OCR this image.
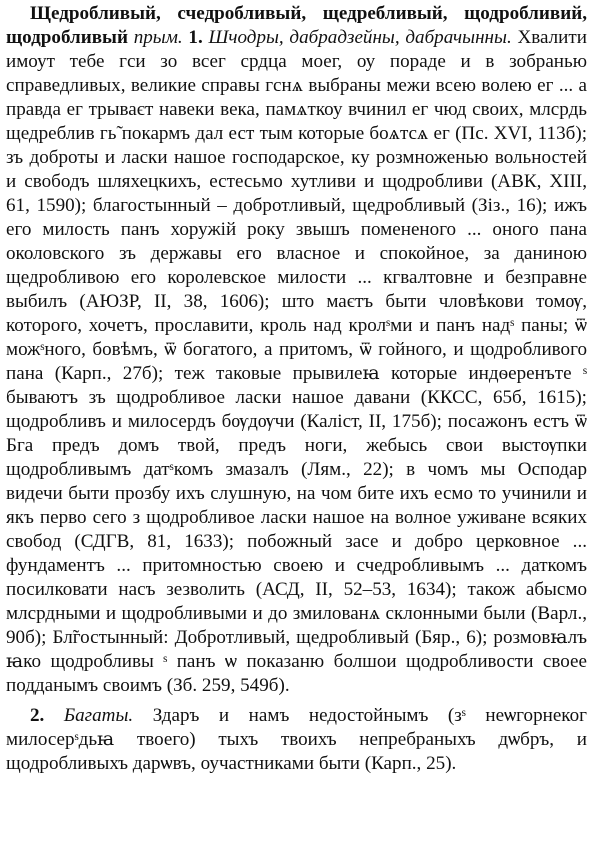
Щедробливый, счедробливый, щедребливый, щодробливий, щодробливый прым. 1. Шчодры, дабрадзейны, дабрачынны. Хвалити имоут тебе гси зо всег срдца моег, оу пораде и в зобранью справедливых, великие справы гснѧ выбраны межи всею волею ег ... а правда ег трываєт навеки века, памѧткоу вчинил ег чюд своих, млсрдь щедреблив гь̃ покармъ дал ест тым которые боѧтсѧ ег (Пс. XVI, 113б); зъ доброты и ласки нашое господарское, ку розмноженью вольностей и свободъ шляхецкихъ, естесьмо хутливи и щодробливи (АВК, XIII, 61, 1590); благостынный – добротливый, щедробливый (Зіз., 16); ижъ его милость панъ хоружій року звышъ помененого ... оного пана околовского зъ державы его власное и спокойное, за даниною щедробливою его королевское милости ... кгвалтовне и безправне выбилъ (АЮЗР, II, 38, 1606); што маєтъ быти чловѣкови томѹ, которого, хочетъ, прославити, кроль над кролˢми и панъ надˢ паны; ѿ можˢного, бовѣмъ, ѿ богатого, а притомъ, ѿ гойного, и щодробливого пана (Карп., 27б); теж таковые прывилеꙗ которые индѳеренъте ˢ бываютъ зъ щодробливое ласки нашое давани (ККСС, 65б, 1615); щодробливъ и милосердъ бѹдѹчи (Каліст, II, 175б); посажонъ естъ ѿ Бга предъ домъ твой, предъ ноги, жебысь свои выстѹпки щодробливымъ датˢкомъ змазалъ (Лям., 22); в чомъ мы Осподар видечи быти прозбу ихъ слушную, на чом бите ихъ есмо то учинили и якъ перво сего з щодробливое ласки нашое на волное уживане всяких свобод (СДГВ, 81, 1633); побожный засе и добро церковное ... фундаментъ ... притомностью своею и счедробливымъ ... даткомъ посилковати насъ зезволить (АСД, II, 52–53, 1634); також абысмо млсрдными и щодробливыми и до змилованѧ склонными были (Варл., 90б); Бл̃гостынный: Добротливый, щедробливый (Бяр., 6); розмовꙗлъ ꙗко щодробливы ˢ панъ ѡ показаню болшои щодробливости своее подданымъ своимъ (Зб. 259, 549б).

2. Багаты. Здаръ и намъ недостойнымъ (зˢ неѡгорнеког милосерˢдьꙗ твоего) тыхъ твоихъ непребраныхъ дѡбръ, и щодробливыхъ дарѡвъ, оучастниками быти (Карп., 25).
